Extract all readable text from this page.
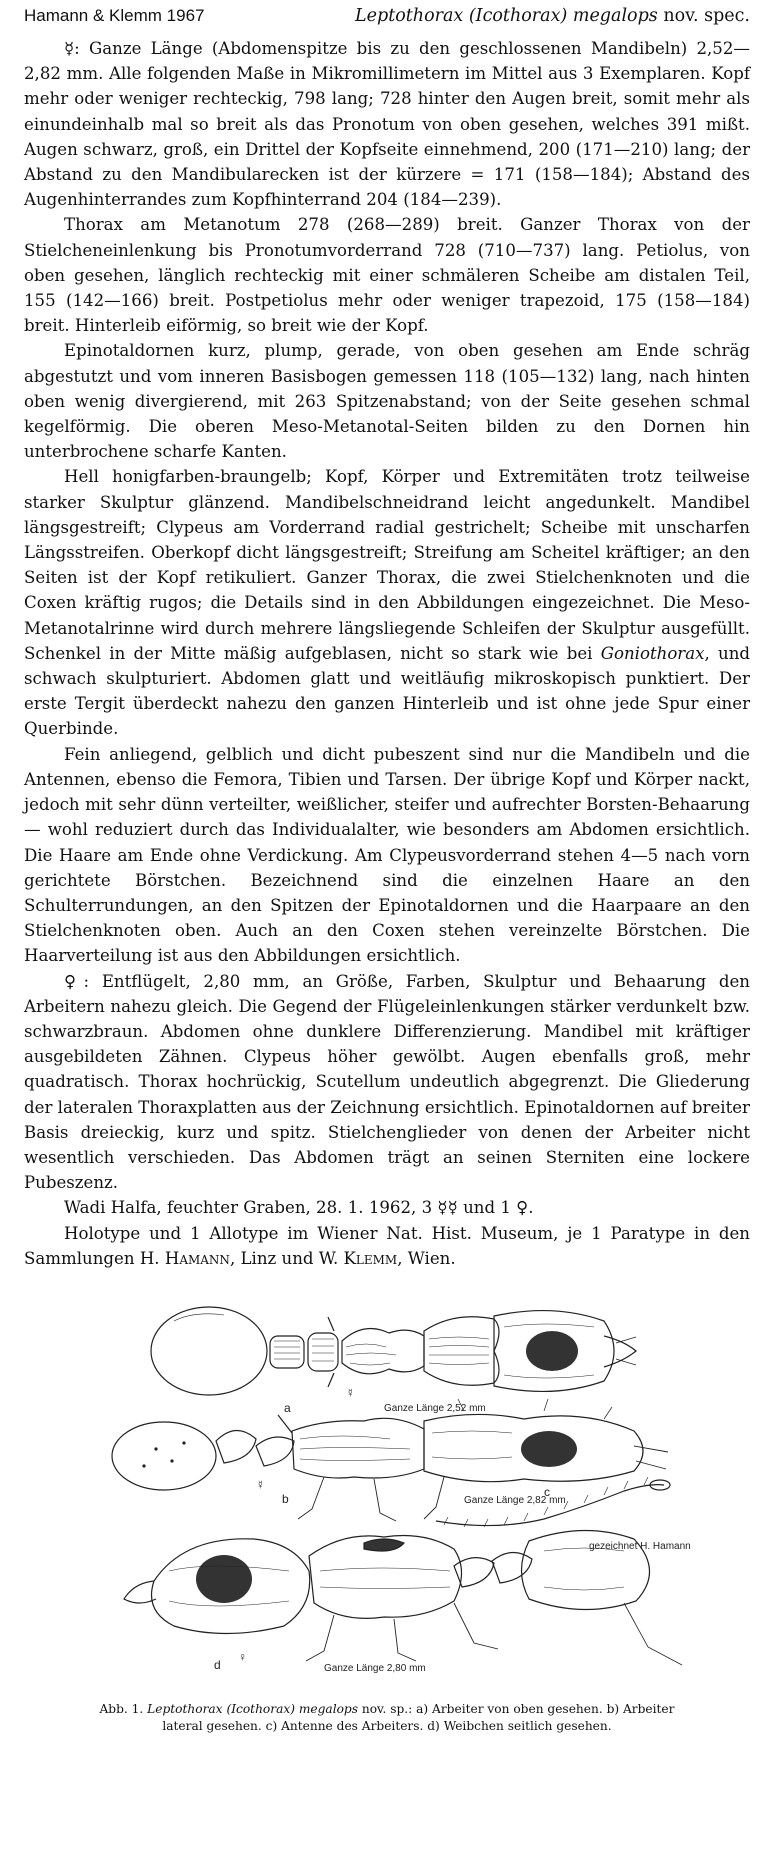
Hamann & Klemm 1967	Leptothorax (Icothorax) megalops nov. spec.

☿: Ganze Länge (Abdomenspitze bis zu den geschlossenen Mandibeln) 2,52—2,82 mm. Alle folgenden Maße in Mikromillimetern im Mittel aus 3 Exemplaren. Kopf mehr oder weniger rechteckig, 798 lang; 728 hinter den Augen breit, somit mehr als einundeinhalb mal so breit als das Pronotum von oben gesehen, welches 391 mißt. Augen schwarz, groß, ein Drittel der Kopfseite einnehmend, 200 (171—210) lang; der Abstand zu den Mandibularecken ist der kürzere = 171 (158—184); Abstand des Augenhinterrandes zum Kopfhinterrand 204 (184—239).

Thorax am Metanotum 278 (268—289) breit. Ganzer Thorax von der Stielcheneinlenkung bis Pronotumvorderrand 728 (710—737) lang. Petiolus, von oben gesehen, länglich rechteckig mit einer schmäleren Scheibe am distalen Teil, 155 (142—166) breit. Postpetiolus mehr oder weniger trapezoid, 175 (158—184) breit. Hinterleib eiförmig, so breit wie der Kopf.

Epinotaldornen kurz, plump, gerade, von oben gesehen am Ende schräg abgestutzt und vom inneren Basisbogen gemessen 118 (105—132) lang, nach hinten oben wenig divergierend, mit 263 Spitzenabstand; von der Seite gesehen schmal kegelförmig. Die oberen Meso-Metanotal-Seiten bilden zu den Dornen hin unterbrochene scharfe Kanten.

Hell honigfarben-braungelb; Kopf, Körper und Extremitäten trotz teilweise starker Skulptur glänzend. Mandibelschneidrand leicht angedunkelt. Mandibel längsgestreift; Clypeus am Vorderrand radial gestrichelt; Scheibe mit unscharfen Längsstreifen. Oberkopf dicht längsgestreift; Streifung am Scheitel kräftiger; an den Seiten ist der Kopf retikuliert. Ganzer Thorax, die zwei Stielchenknoten und die Coxen kräftig rugos; die Details sind in den Abbildungen eingezeichnet. Die Meso-Metanotalrinne wird durch mehrere längsliegende Schleifen der Skulptur ausgefüllt. Schenkel in der Mitte mäßig aufgeblasen, nicht so stark wie bei Goniothorax, und schwach skulpturiert. Abdomen glatt und weitläufig mikroskopisch punktiert. Der erste Tergit überdeckt nahezu den ganzen Hinterleib und ist ohne jede Spur einer Querbinde.

Fein anliegend, gelblich und dicht pubeszent sind nur die Mandibeln und die Antennen, ebenso die Femora, Tibien und Tarsen. Der übrige Kopf und Körper nackt, jedoch mit sehr dünn verteilter, weißlicher, steifer und aufrechter Borsten-Behaarung — wohl reduziert durch das Individualalter, wie besonders am Abdomen ersichtlich. Die Haare am Ende ohne Verdickung. Am Clypeusvorderrand stehen 4—5 nach vorn gerichtete Börstchen. Bezeichnend sind die einzelnen Haare an den Schulterrundungen, an den Spitzen der Epinotaldornen und die Haarpaare an den Stielchenknoten oben. Auch an den Coxen stehen vereinzelte Börstchen. Die Haarverteilung ist aus den Abbildungen ersichtlich.

♀: Entflügelt, 2,80 mm, an Größe, Farben, Skulptur und Behaarung den Arbeitern nahezu gleich. Die Gegend der Flügeleinlenkungen stärker verdunkelt bzw. schwarzbraun. Abdomen ohne dunklere Differenzierung. Mandibel mit kräftiger ausgebildeten Zähnen. Clypeus höher gewölbt. Augen ebenfalls groß, mehr quadratisch. Thorax hochrückig, Scutellum undeutlich abgegrenzt. Die Gliederung der lateralen Thoraxplatten aus der Zeichnung ersichtlich. Epinotaldornen auf breiter Basis dreieckig, kurz und spitz. Stielchenglieder von denen der Arbeiter nicht wesentlich verschieden. Das Abdomen trägt an seinen Sterniten eine lockere Pubeszenz.

Wadi Halfa, feuchter Graben, 28. 1. 1962, 3 ☿☿ und 1 ♀.

Holotype und 1 Allotype im Wiener Nat. Hist. Museum, je 1 Paratype in den Sammlungen H. Hamann, Linz und W. Klemm, Wien.

☿
a	Ganze Länge 2,52 mm
☿
b	Ganze Länge 2,82 mm
c
gezeichnet H. Hamann
d
♀
Ganze Länge 2,80 mm
Abb. 1. Leptothorax (Icothorax) megalops nov. sp.: a) Arbeiter von oben gesehen. b) Arbeiter lateral gesehen. c) Antenne des Arbeiters. d) Weibchen seitlich gesehen.
